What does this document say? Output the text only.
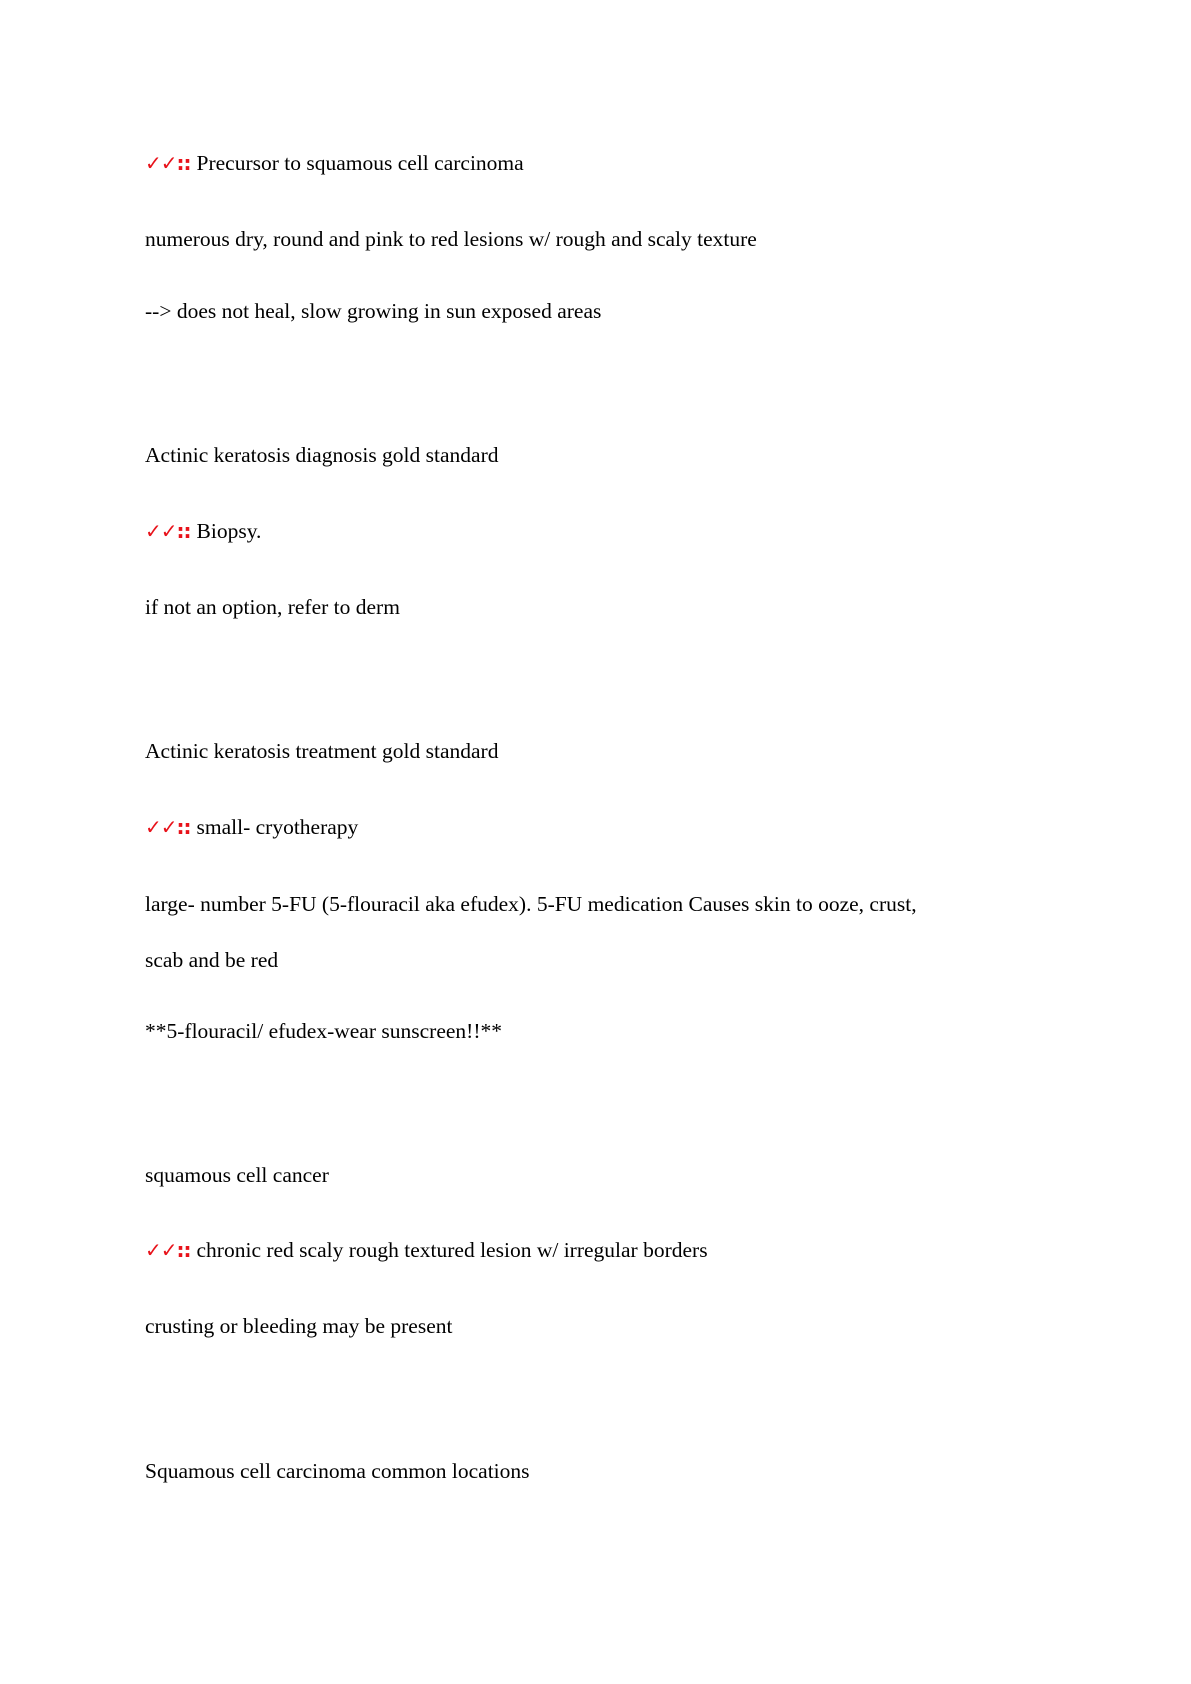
✓✓:: Precursor to squamous cell carcinoma
numerous dry, round and pink to red lesions w/ rough and scaly texture
--> does not heal, slow growing in sun exposed areas
Actinic keratosis diagnosis gold standard
✓✓:: Biopsy.
if not an option, refer to derm
Actinic keratosis treatment gold standard
✓✓:: small- cryotherapy
large- number 5-FU (5-flouracil aka efudex). 5-FU medication Causes skin to ooze, crust,
scab and be red
**5-flouracil/ efudex-wear sunscreen!!**
squamous cell cancer
✓✓:: chronic red scaly rough textured lesion w/ irregular borders
crusting or bleeding may be present
Squamous cell carcinoma common locations
